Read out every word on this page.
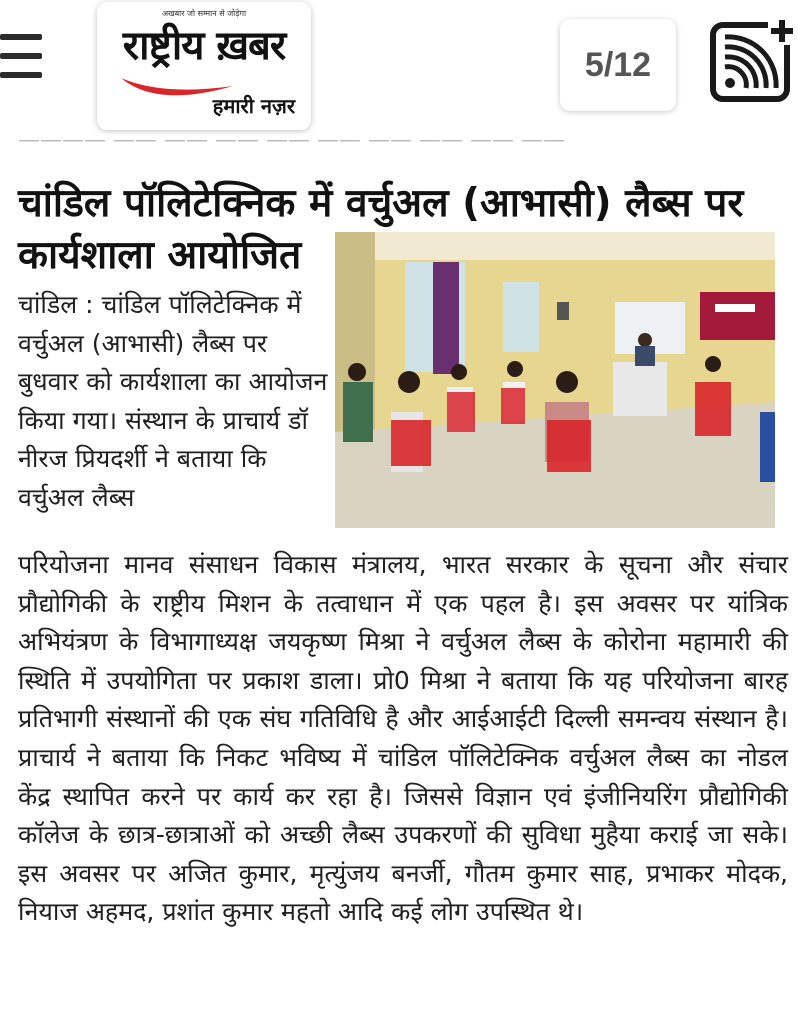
अखबार जो सम्मान से जोड़ेगा
राष्ट्रीय ख़बर
हमारी नज़र
5/12
———— —— —— —— —— —— —— —— —— ——
चांडिल पॉलिटेक्निक में वर्चुअल (आभासी) लैब्स पर
कार्यशाला आयोजित

चांडिल : चांडिल पॉलिटेक्निक में वर्चुअल (आभासी) लैब्स पर बुधवार को कार्यशाला का आयोजन किया गया। संस्थान के प्राचार्य डॉ नीरज प्रियदर्शी ने बताया कि वर्चुअल लैब्स

परियोजना मानव संसाधन विकास मंत्रालय, भारत सरकार के सूचना और संचार प्रौद्योगिकी के राष्ट्रीय मिशन के तत्वाधान में एक पहल है। इस अवसर पर यांत्रिक अभियंत्रण के विभागाध्यक्ष जयकृष्ण मिश्रा ने वर्चुअल लैब्स के कोरोना महामारी की स्थिति में उपयोगिता पर प्रकाश डाला। प्रो0 मिश्रा ने बताया कि यह परियोजना बारह प्रतिभागी संस्थानों की एक संघ गतिविधि है और आईआईटी दिल्ली समन्वय संस्थान है। प्राचार्य ने बताया कि निकट भविष्य में चांडिल पॉलिटेक्निक वर्चुअल लैब्स का नोडल केंद्र स्थापित करने पर कार्य कर रहा है। जिससे विज्ञान एवं इंजीनियरिंग प्रौद्योगिकी कॉलेज के छात्र-छात्राओं को अच्छी लैब्स उपकरणों की सुविधा मुहैया कराई जा सके। इस अवसर पर अजित कुमार, मृत्युंजय बनर्जी, गौतम कुमार साह, प्रभाकर मोदक, नियाज अहमद, प्रशांत कुमार महतो आदि कई लोग उपस्थित थे।
